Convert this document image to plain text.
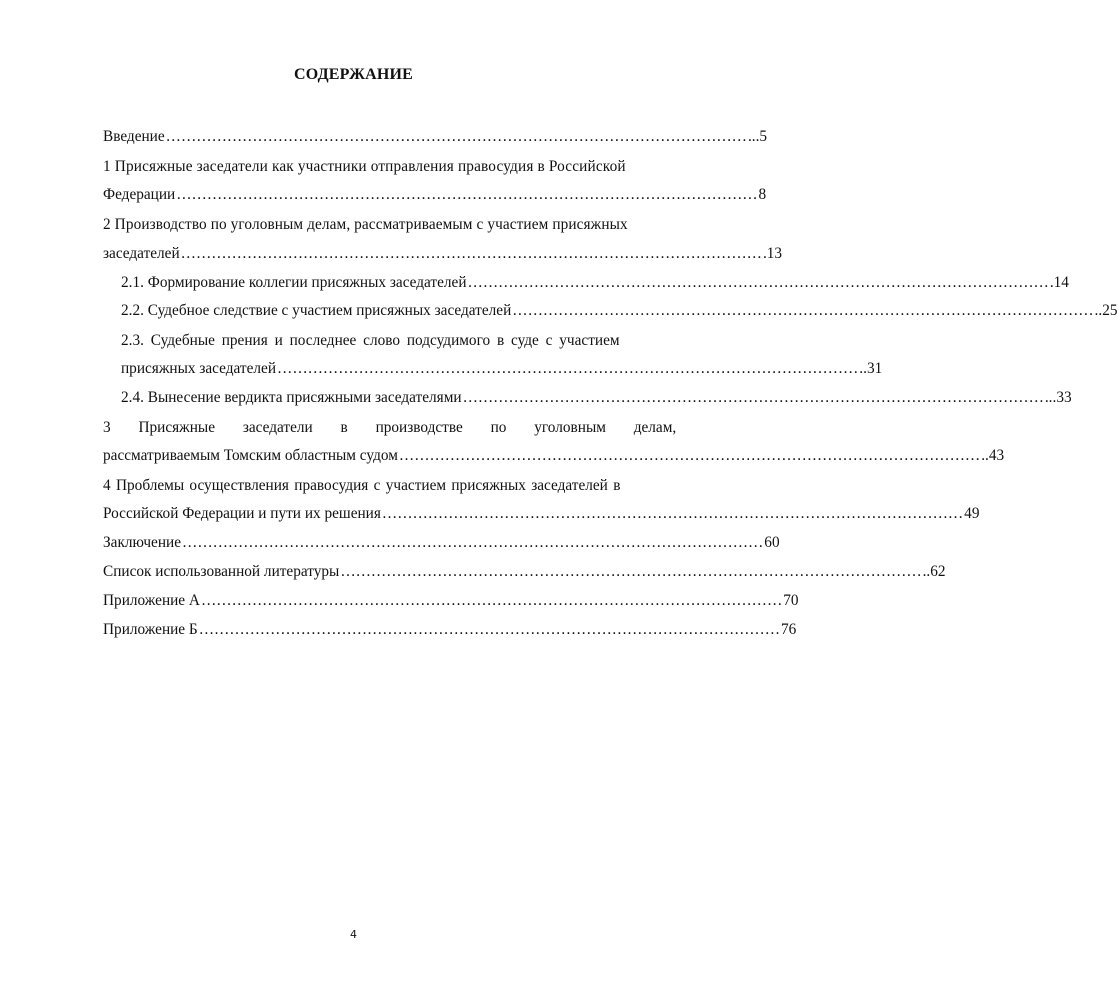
СОДЕРЖАНИЕ
Введение …………………………………………………………………………………………………… ...5
1 Присяжные заседатели как участники отправления правосудия в Российской
Федерации …………………………………………………………………………………………………… 8
2 Производство по уголовным делам, рассматриваемым с участием присяжных
заседателей …………………………………………………………………………………………………… .13
2.1. Формирование коллегии присяжных заседателей …………………………………………………………………………………………………… .14
2.2. Судебное следствие с участием присяжных заседателей …………………………………………………………………………………………………… ..25
2.3. Судебные прения и последнее слово подсудимого в суде с участием
присяжных заседателей …………………………………………………………………………………………………… ..31
2.4. Вынесение вердикта присяжными заседателями …………………………………………………………………………………………………… ...33
3 Присяжные заседатели в производстве по уголовным делам,
рассматриваемым Томским областным судом …………………………………………………………………………………………………… ..43
4 Проблемы осуществления правосудия с участием присяжных заседателей в
Российской Федерации и пути их решения …………………………………………………………………………………………………… 49
Заключение …………………………………………………………………………………………………… 60
Список использованной литературы …………………………………………………………………………………………………… ..62
Приложение А …………………………………………………………………………………………………… 70
Приложение Б …………………………………………………………………………………………………… 76
4
